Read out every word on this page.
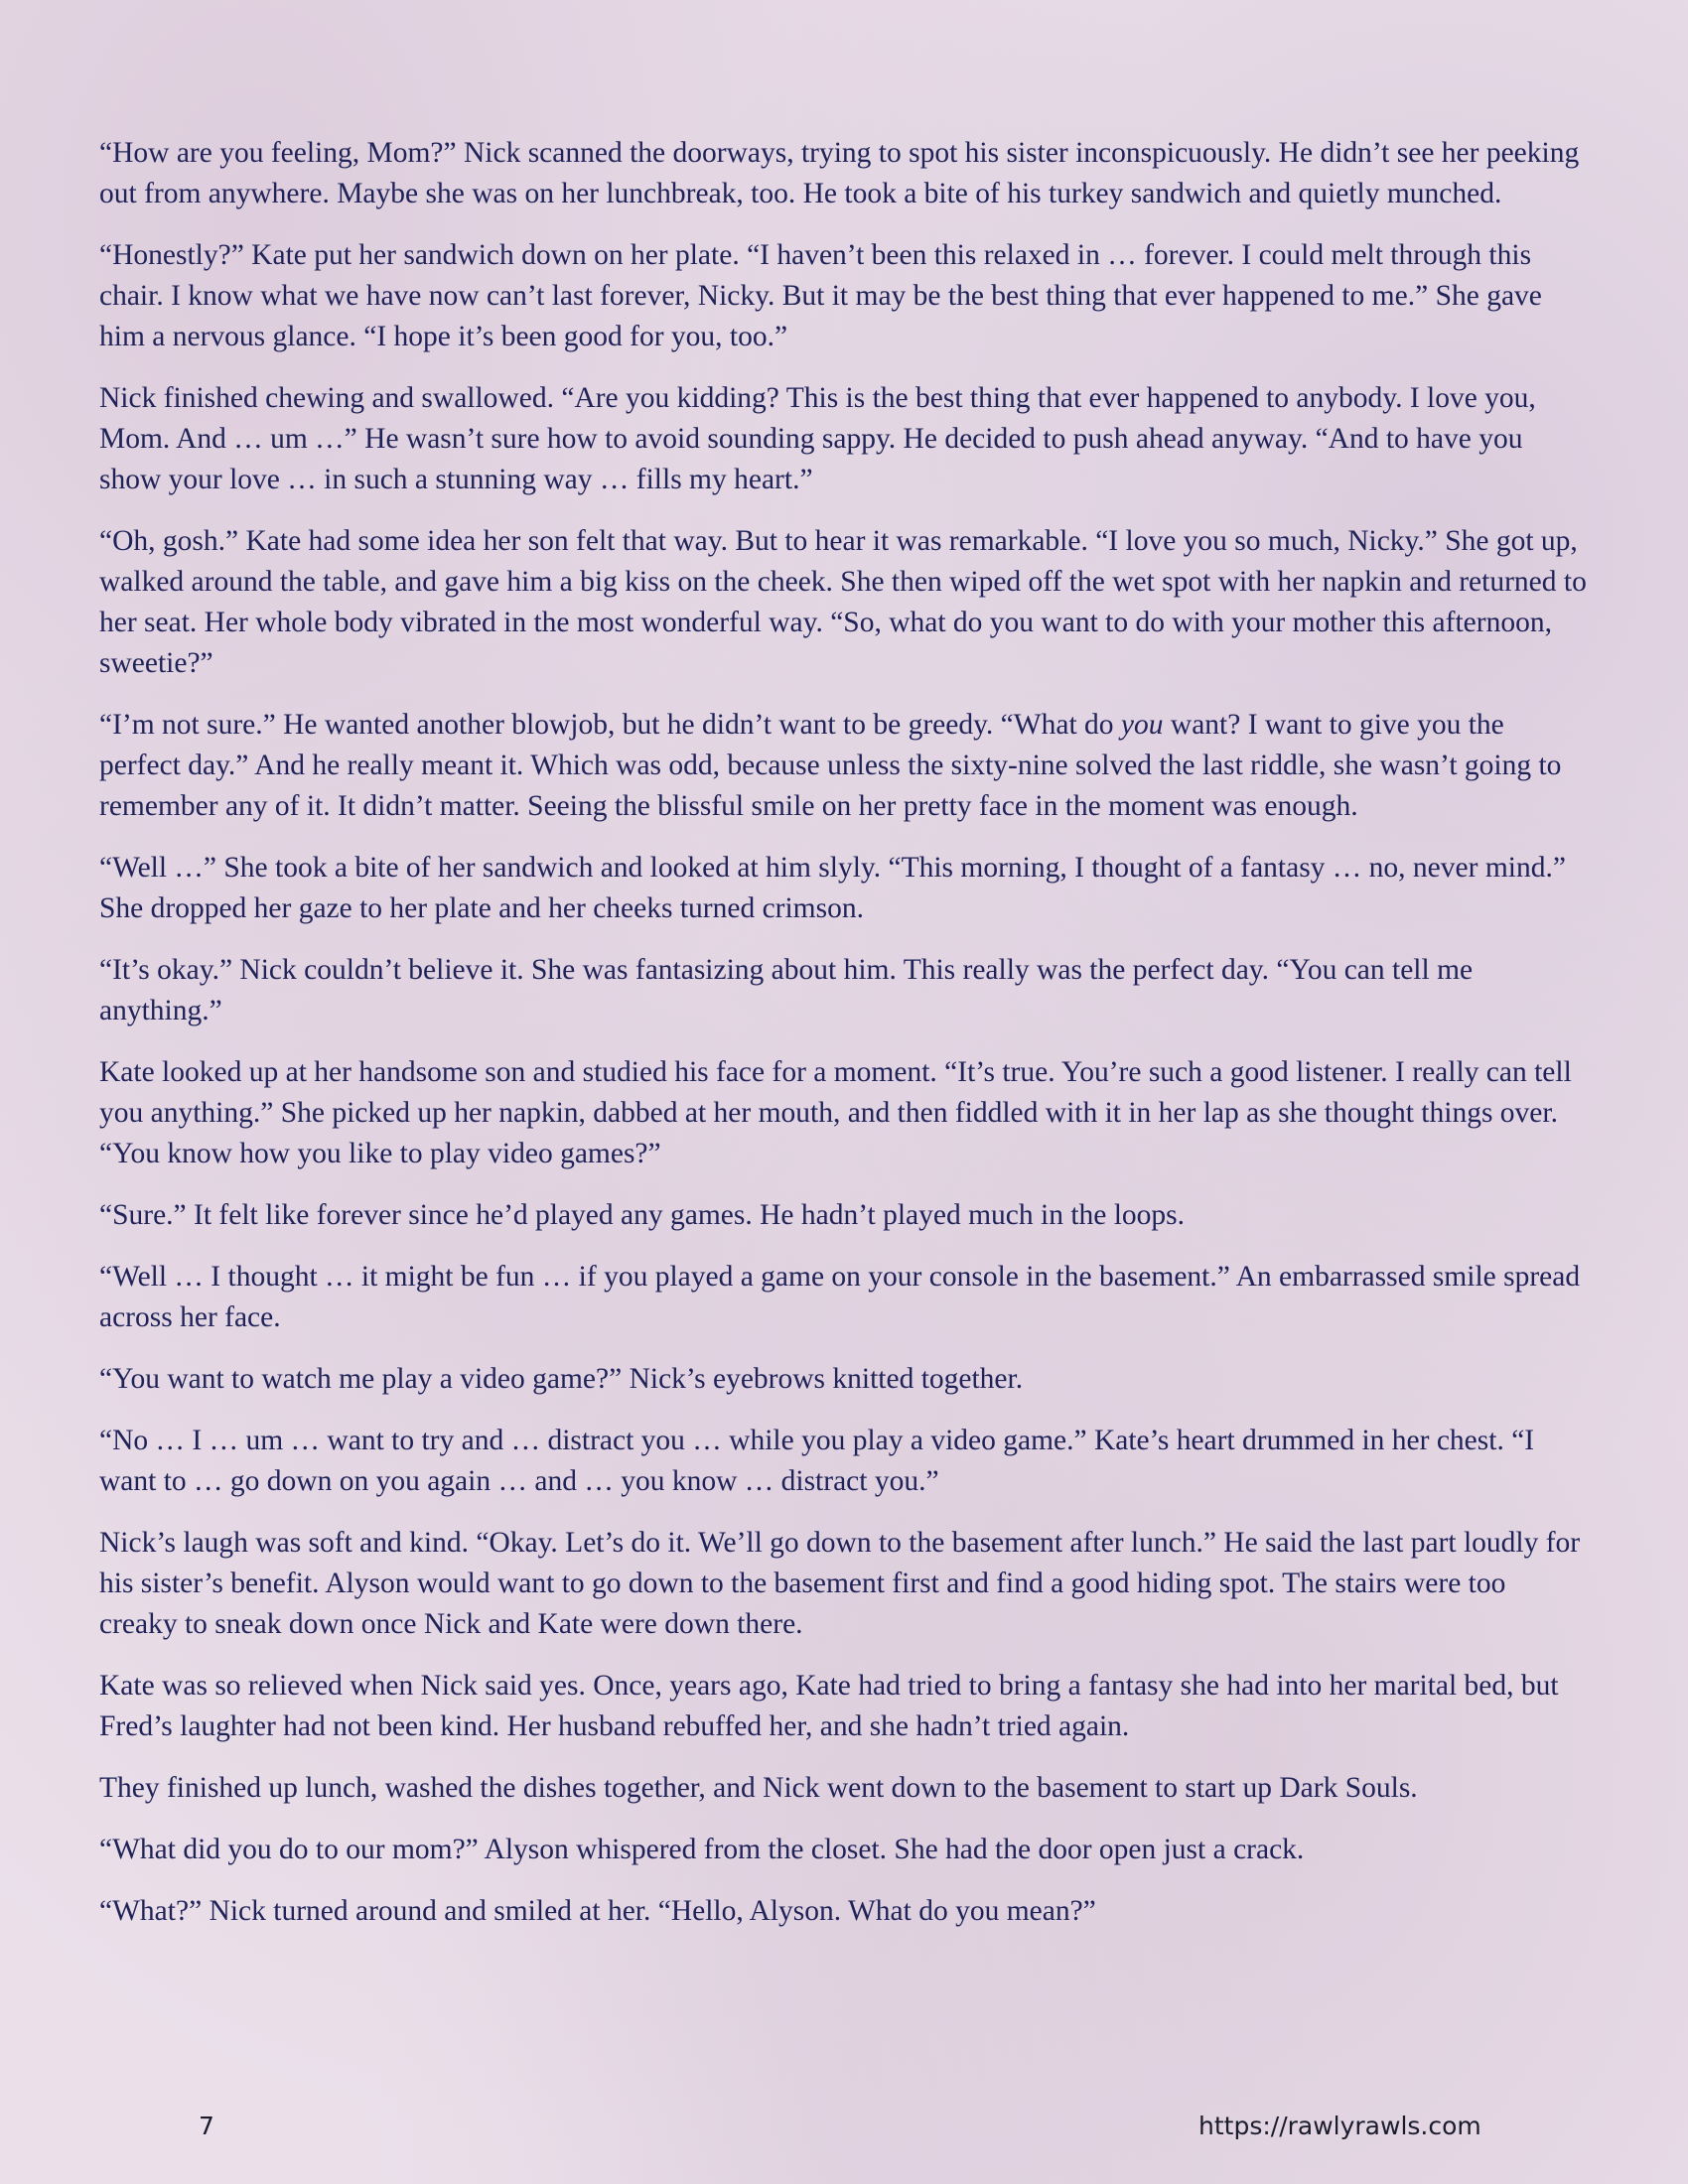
“How are you feeling, Mom?” Nick scanned the doorways, trying to spot his sister inconspicuously. He didn’t see her peeking out from anywhere. Maybe she was on her lunchbreak, too. He took a bite of his turkey sandwich and quietly munched.

“Honestly?” Kate put her sandwich down on her plate. “I haven’t been this relaxed in … forever. I could melt through this chair. I know what we have now can’t last forever, Nicky. But it may be the best thing that ever happened to me.” She gave him a nervous glance. “I hope it’s been good for you, too.”

Nick finished chewing and swallowed. “Are you kidding? This is the best thing that ever happened to anybody. I love you, Mom. And … um …” He wasn’t sure how to avoid sounding sappy. He decided to push ahead anyway. “And to have you show your love … in such a stunning way … fills my heart.”

“Oh, gosh.” Kate had some idea her son felt that way. But to hear it was remarkable. “I love you so much, Nicky.” She got up, walked around the table, and gave him a big kiss on the cheek. She then wiped off the wet spot with her napkin and returned to her seat. Her whole body vibrated in the most wonderful way. “So, what do you want to do with your mother this afternoon, sweetie?”

“I’m not sure.” He wanted another blowjob, but he didn’t want to be greedy. “What do you want? I want to give you the perfect day.” And he really meant it. Which was odd, because unless the sixty-nine solved the last riddle, she wasn’t going to remember any of it. It didn’t matter. Seeing the blissful smile on her pretty face in the moment was enough.

“Well …” She took a bite of her sandwich and looked at him slyly. “This morning, I thought of a fantasy … no, never mind.” She dropped her gaze to her plate and her cheeks turned crimson.

“It’s okay.” Nick couldn’t believe it. She was fantasizing about him. This really was the perfect day. “You can tell me anything.”

Kate looked up at her handsome son and studied his face for a moment. “It’s true. You’re such a good listener. I really can tell you anything.” She picked up her napkin, dabbed at her mouth, and then fiddled with it in her lap as she thought things over. “You know how you like to play video games?”

“Sure.” It felt like forever since he’d played any games. He hadn’t played much in the loops.

“Well … I thought … it might be fun … if you played a game on your console in the basement.” An embarrassed smile spread across her face.

“You want to watch me play a video game?” Nick’s eyebrows knitted together.

“No … I … um … want to try and … distract you … while you play a video game.” Kate’s heart drummed in her chest. “I want to … go down on you again … and … you know … distract you.”

Nick’s laugh was soft and kind. “Okay. Let’s do it. We’ll go down to the basement after lunch.” He said the last part loudly for his sister’s benefit. Alyson would want to go down to the basement first and find a good hiding spot. The stairs were too creaky to sneak down once Nick and Kate were down there.

Kate was so relieved when Nick said yes. Once, years ago, Kate had tried to bring a fantasy she had into her marital bed, but Fred’s laughter had not been kind. Her husband rebuffed her, and she hadn’t tried again.

They finished up lunch, washed the dishes together, and Nick went down to the basement to start up Dark Souls.

“What did you do to our mom?” Alyson whispered from the closet. She had the door open just a crack.

“What?” Nick turned around and smiled at her. “Hello, Alyson. What do you mean?”

7	https://rawlyrawls.com
